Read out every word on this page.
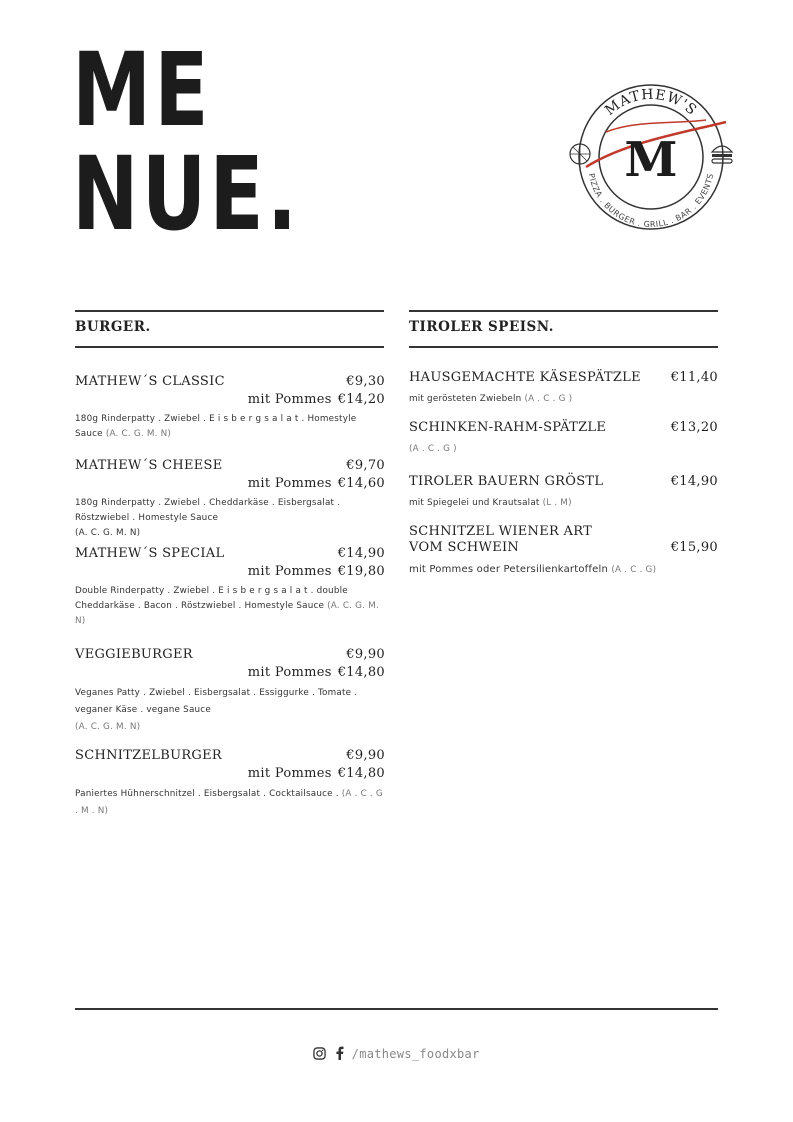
ME
NUE.
MATHEW'S
PIZZA . BURGER . GRILL . BAR . EVENTS
M
BURGER.
MATHEW´S CLASSIC	€9,30
mit Pommes €14,20
180g Rinderpatty . Zwiebel . E i s b e r g s a l a t . Homestyle Sauce (A. C. G. M. N)
MATHEW´S CHEESE	€9,70
mit Pommes €14,60
180g Rinderpatty . Zwiebel . Cheddarkäse . Eisbergsalat . Röstzwiebel . Homestyle Sauce
(A. C. G. M. N)
MATHEW´S SPECIAL	€14,90
mit Pommes €19,80
Double Rinderpatty . Zwiebel . E i s b e r g s a l a t . double Cheddarkäse . Bacon . Röstzwiebel . Homestyle Sauce (A. C. G. M. N)
VEGGIEBURGER	€9,90
mit Pommes €14,80
Veganes Patty . Zwiebel . Eisbergsalat . Essiggurke . Tomate . veganer Käse . vegane Sauce
(A. C. G. M. N)
SCHNITZELBURGER	€9,90
mit Pommes €14,80
Paniertes Hühnerschnitzel . Eisbergsalat . Cocktailsauce . (A . C . G . M . N)
TIROLER SPEISN.
HAUSGEMACHTE KÄSESPÄTZLE €11,40
mit gerösteten Zwiebeln (A . C . G )
SCHINKEN-RAHM-SPÄTZLE	€13,20
(A . C . G )
TIROLER BAUERN GRÖSTL	€14,90
mit Spiegelei und Krautsalat (L . M)
SCHNITZEL WIENER ART
VOM SCHWEIN	€15,90
mit Pommes oder Petersilienkartoffeln (A . C . G)
/mathews_foodxbar
